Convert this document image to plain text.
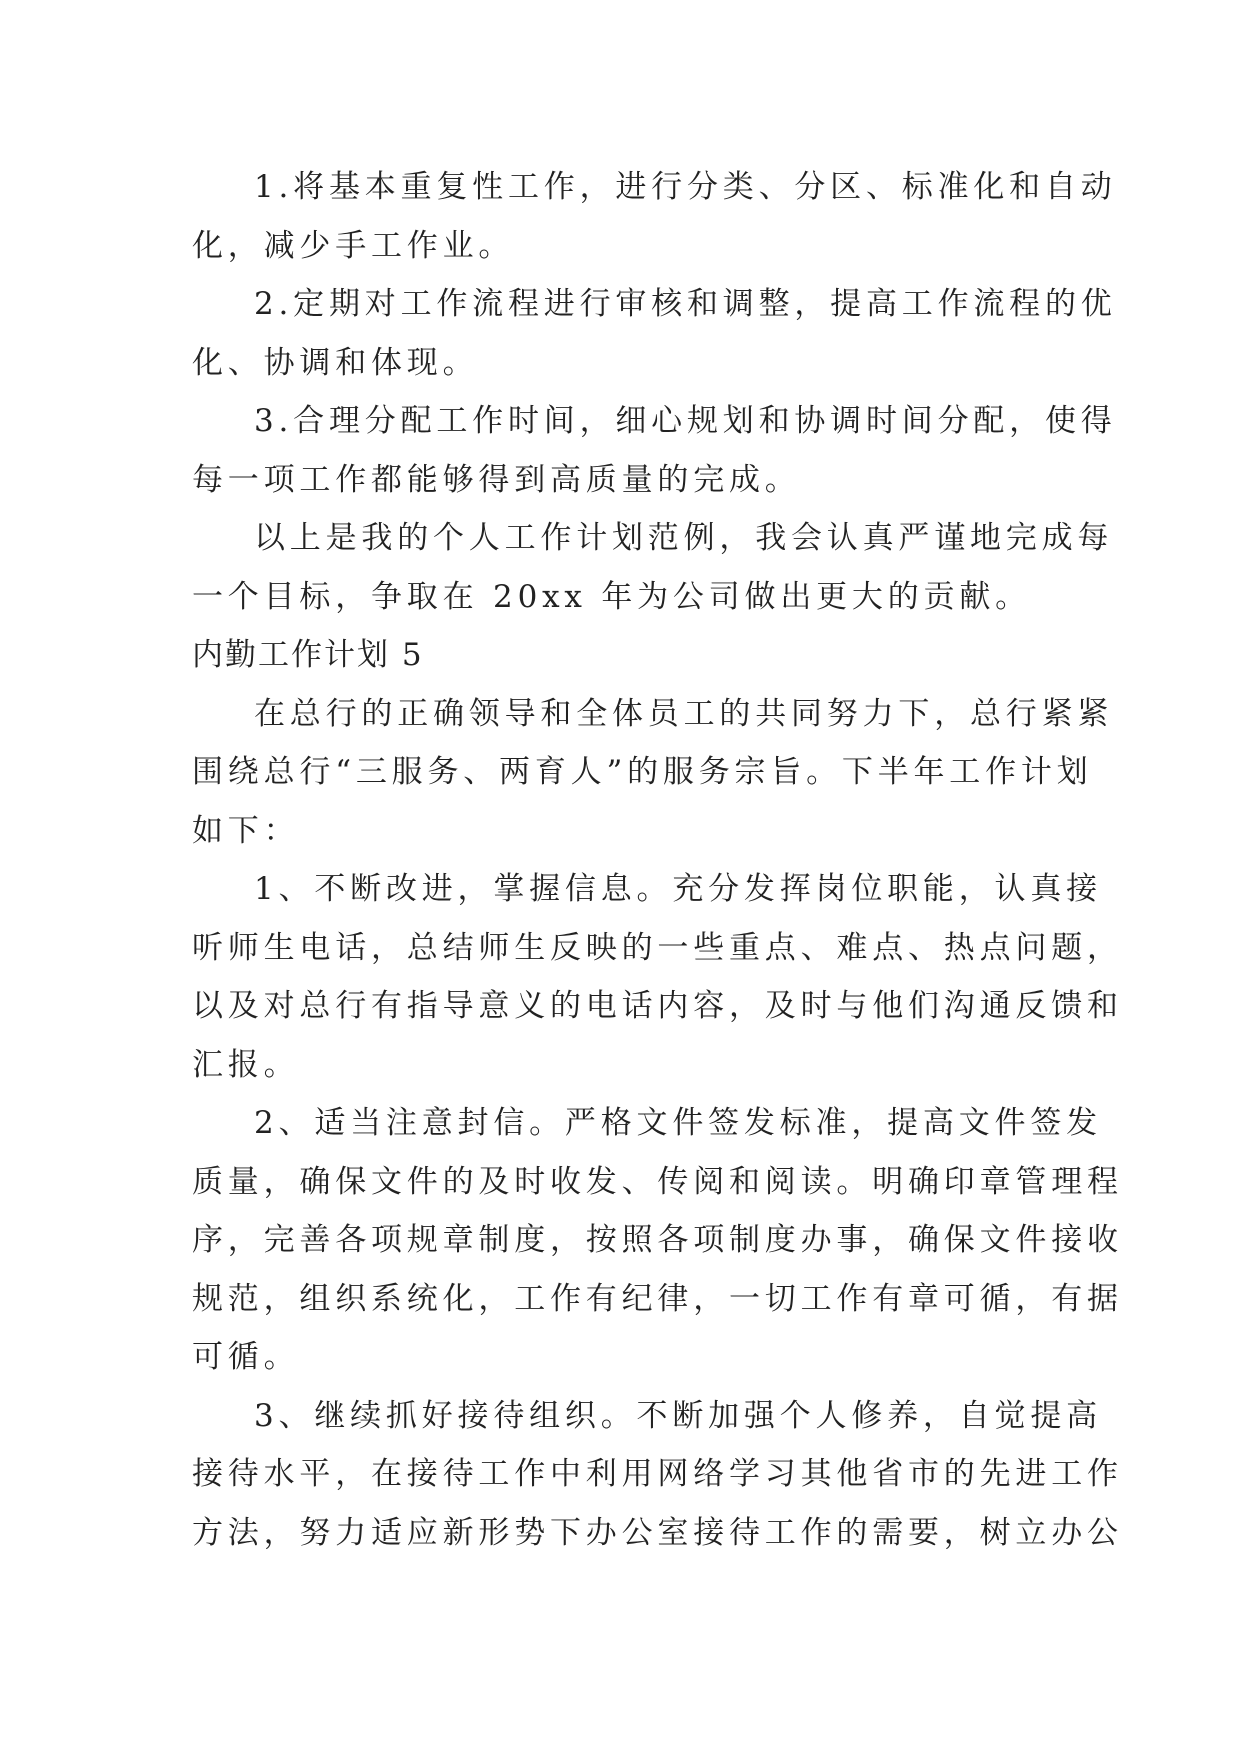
1.将基本重复性工作，进行分类、分区、标准化和自动
化，减少手工作业。
2.定期对工作流程进行审核和调整，提高工作流程的优
化、协调和体现。
3.合理分配工作时间，细心规划和协调时间分配，使得
每一项工作都能够得到高质量的完成。
以上是我的个人工作计划范例，我会认真严谨地完成每
一个目标，争取在 20xx 年为公司做出更大的贡献。
内勤工作计划 5
在总行的正确领导和全体员工的共同努力下，总行紧紧
围绕总行“三服务、两育人”的服务宗旨。下半年工作计划
如下：
1、不断改进，掌握信息。充分发挥岗位职能，认真接
听师生电话，总结师生反映的一些重点、难点、热点问题，
以及对总行有指导意义的电话内容，及时与他们沟通反馈和
汇报。
2、适当注意封信。严格文件签发标准，提高文件签发
质量，确保文件的及时收发、传阅和阅读。明确印章管理程
序，完善各项规章制度，按照各项制度办事，确保文件接收
规范，组织系统化，工作有纪律，一切工作有章可循，有据
可循。
3、继续抓好接待组织。不断加强个人修养，自觉提高
接待水平，在接待工作中利用网络学习其他省市的先进工作
方法，努力适应新形势下办公室接待工作的需要，树立办公
